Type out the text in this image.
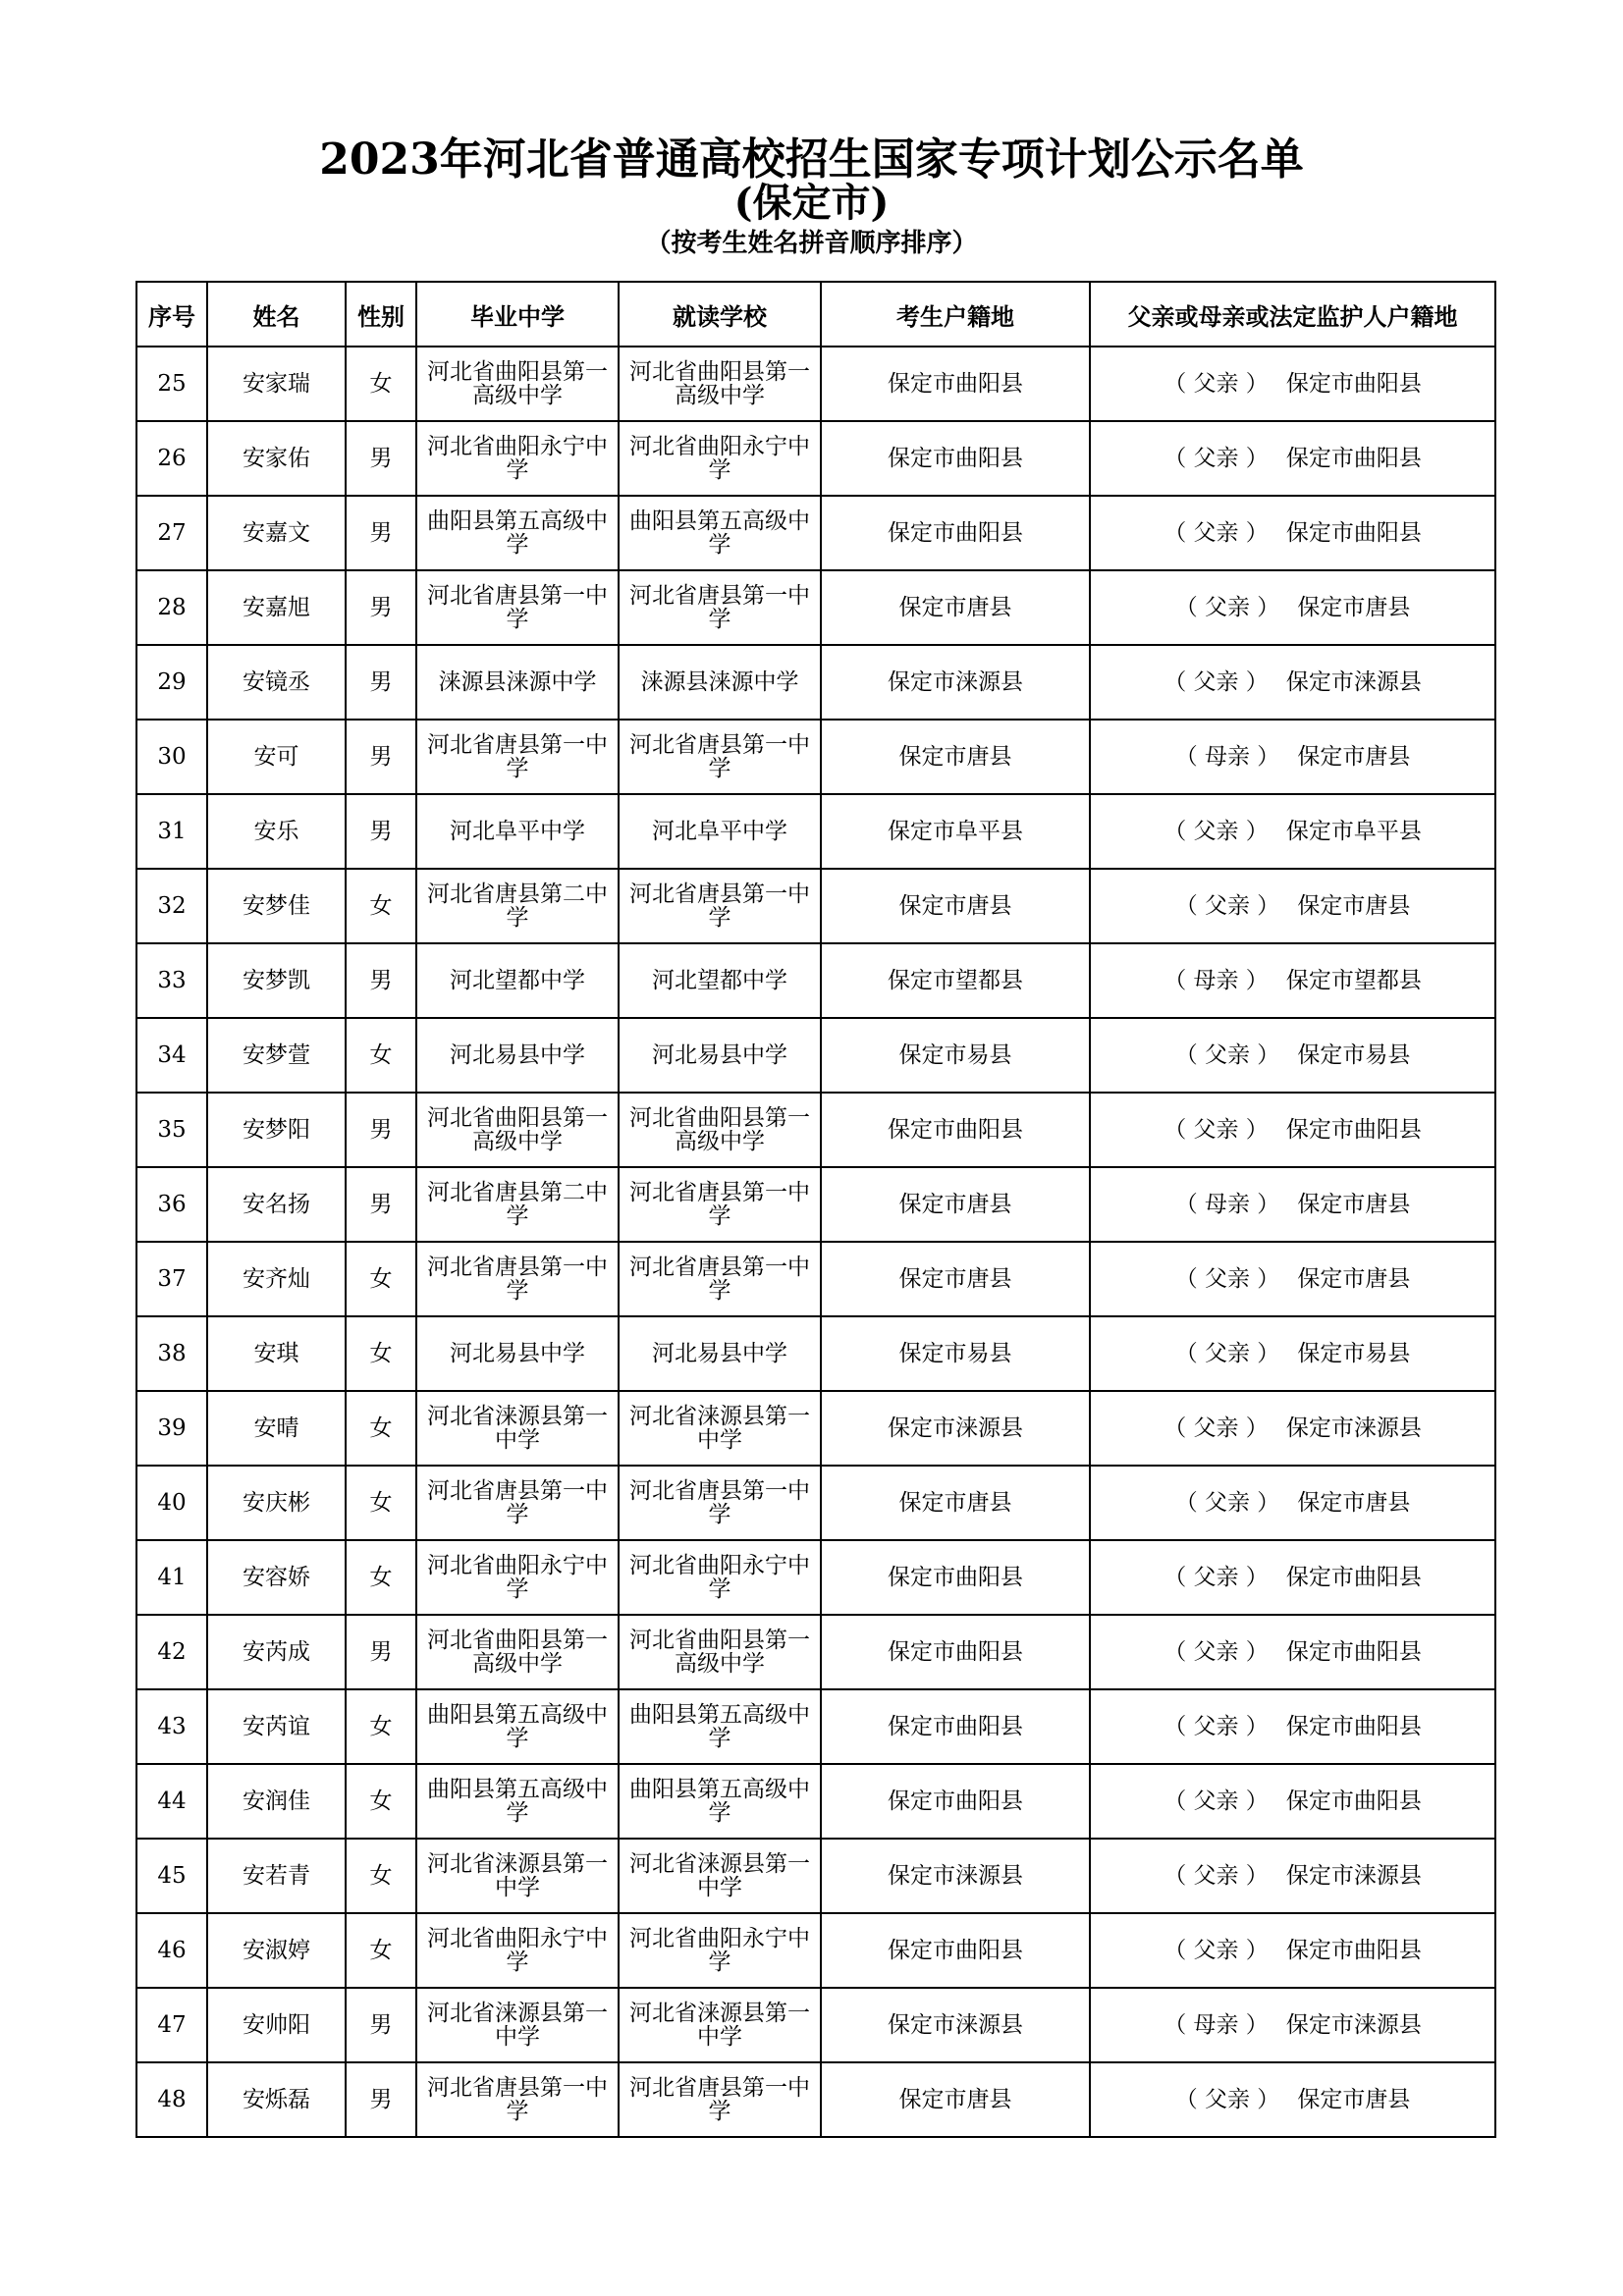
2023年河北省普通高校招生国家专项计划公示名单
(保定市)
（按考生姓名拼音顺序排序）
序号	姓名	性别	毕业中学	就读学校	考生户籍地	父亲或母亲或法定监护人户籍地
25	安家瑞	女	河北省曲阳县第一高级中学	河北省曲阳县第一高级中学	保定市曲阳县	（ 父亲 ） 保定市曲阳县
26	安家佑	男	河北省曲阳永宁中学	河北省曲阳永宁中学	保定市曲阳县	（ 父亲 ） 保定市曲阳县
27	安嘉文	男	曲阳县第五高级中学	曲阳县第五高级中学	保定市曲阳县	（ 父亲 ） 保定市曲阳县
28	安嘉旭	男	河北省唐县第一中学	河北省唐县第一中学	保定市唐县	（ 父亲 ） 保定市唐县
29	安镜丞	男	涞源县涞源中学	涞源县涞源中学	保定市涞源县	（ 父亲 ） 保定市涞源县
30	安可	男	河北省唐县第一中学	河北省唐县第一中学	保定市唐县	（ 母亲 ） 保定市唐县
31	安乐	男	河北阜平中学	河北阜平中学	保定市阜平县	（ 父亲 ） 保定市阜平县
32	安梦佳	女	河北省唐县第二中学	河北省唐县第一中学	保定市唐县	（ 父亲 ） 保定市唐县
33	安梦凯	男	河北望都中学	河北望都中学	保定市望都县	（ 母亲 ） 保定市望都县
34	安梦萱	女	河北易县中学	河北易县中学	保定市易县	（ 父亲 ） 保定市易县
35	安梦阳	男	河北省曲阳县第一高级中学	河北省曲阳县第一高级中学	保定市曲阳县	（ 父亲 ） 保定市曲阳县
36	安名扬	男	河北省唐县第二中学	河北省唐县第一中学	保定市唐县	（ 母亲 ） 保定市唐县
37	安齐灿	女	河北省唐县第一中学	河北省唐县第一中学	保定市唐县	（ 父亲 ） 保定市唐县
38	安琪	女	河北易县中学	河北易县中学	保定市易县	（ 父亲 ） 保定市易县
39	安晴	女	河北省涞源县第一中学	河北省涞源县第一中学	保定市涞源县	（ 父亲 ） 保定市涞源县
40	安庆彬	女	河北省唐县第一中学	河北省唐县第一中学	保定市唐县	（ 父亲 ） 保定市唐县
41	安容娇	女	河北省曲阳永宁中学	河北省曲阳永宁中学	保定市曲阳县	（ 父亲 ） 保定市曲阳县
42	安芮成	男	河北省曲阳县第一高级中学	河北省曲阳县第一高级中学	保定市曲阳县	（ 父亲 ） 保定市曲阳县
43	安芮谊	女	曲阳县第五高级中学	曲阳县第五高级中学	保定市曲阳县	（ 父亲 ） 保定市曲阳县
44	安润佳	女	曲阳县第五高级中学	曲阳县第五高级中学	保定市曲阳县	（ 父亲 ） 保定市曲阳县
45	安若青	女	河北省涞源县第一中学	河北省涞源县第一中学	保定市涞源县	（ 父亲 ） 保定市涞源县
46	安淑婷	女	河北省曲阳永宁中学	河北省曲阳永宁中学	保定市曲阳县	（ 父亲 ） 保定市曲阳县
47	安帅阳	男	河北省涞源县第一中学	河北省涞源县第一中学	保定市涞源县	（ 母亲 ） 保定市涞源县
48	安烁磊	男	河北省唐县第一中学	河北省唐县第一中学	保定市唐县	（ 父亲 ） 保定市唐县
